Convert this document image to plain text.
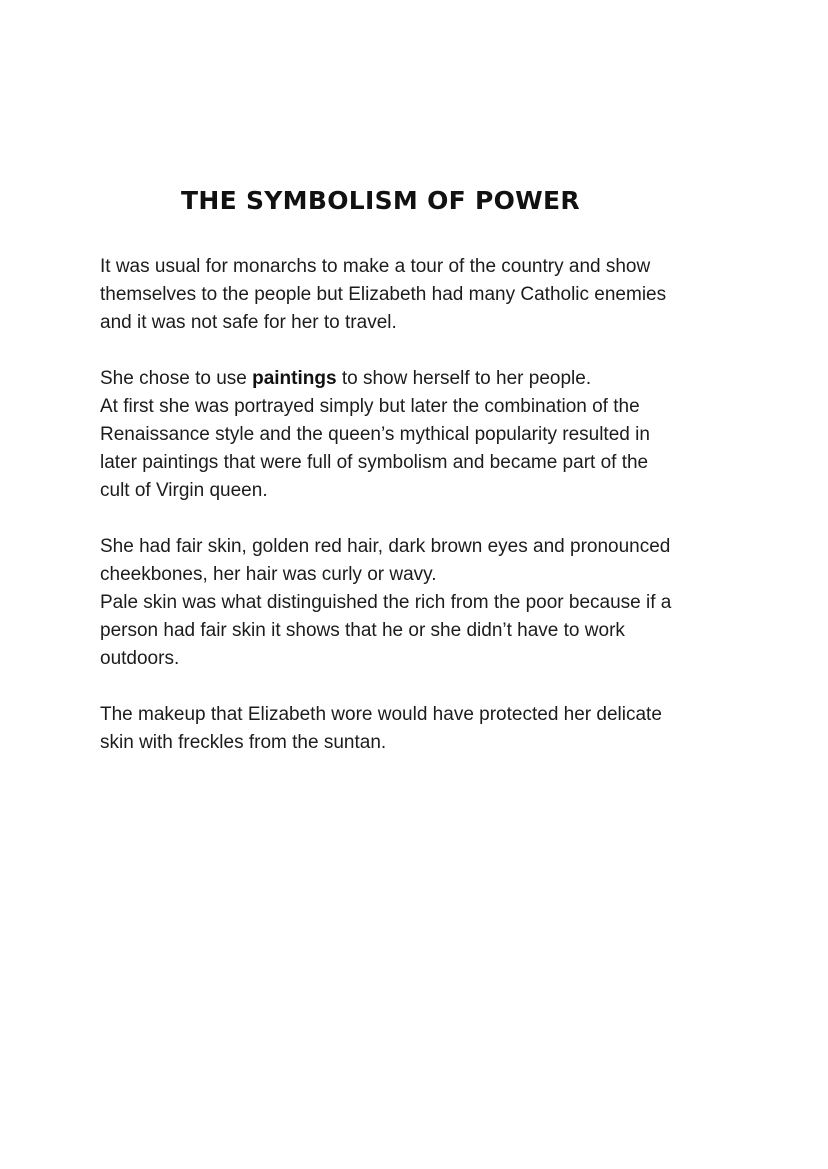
THE SYMBOLISM OF POWER

It was usual for monarchs to make a tour of the country and show
themselves to the people but Elizabeth had many Catholic enemies
and it was not safe for her to travel.

She chose to use paintings to show herself to her people.
At first she was portrayed simply but later the combination of the
Renaissance style and the queen’s mythical popularity resulted in
later paintings that were full of symbolism and became part of the
cult of Virgin queen.

She had fair skin, golden red hair, dark brown eyes and pronounced
cheekbones, her hair was curly or wavy.
Pale skin was what distinguished the rich from the poor because if a
person had fair skin it shows that he or she didn’t have to work
outdoors.

The makeup that Elizabeth wore would have protected her delicate
skin with freckles from the suntan.
